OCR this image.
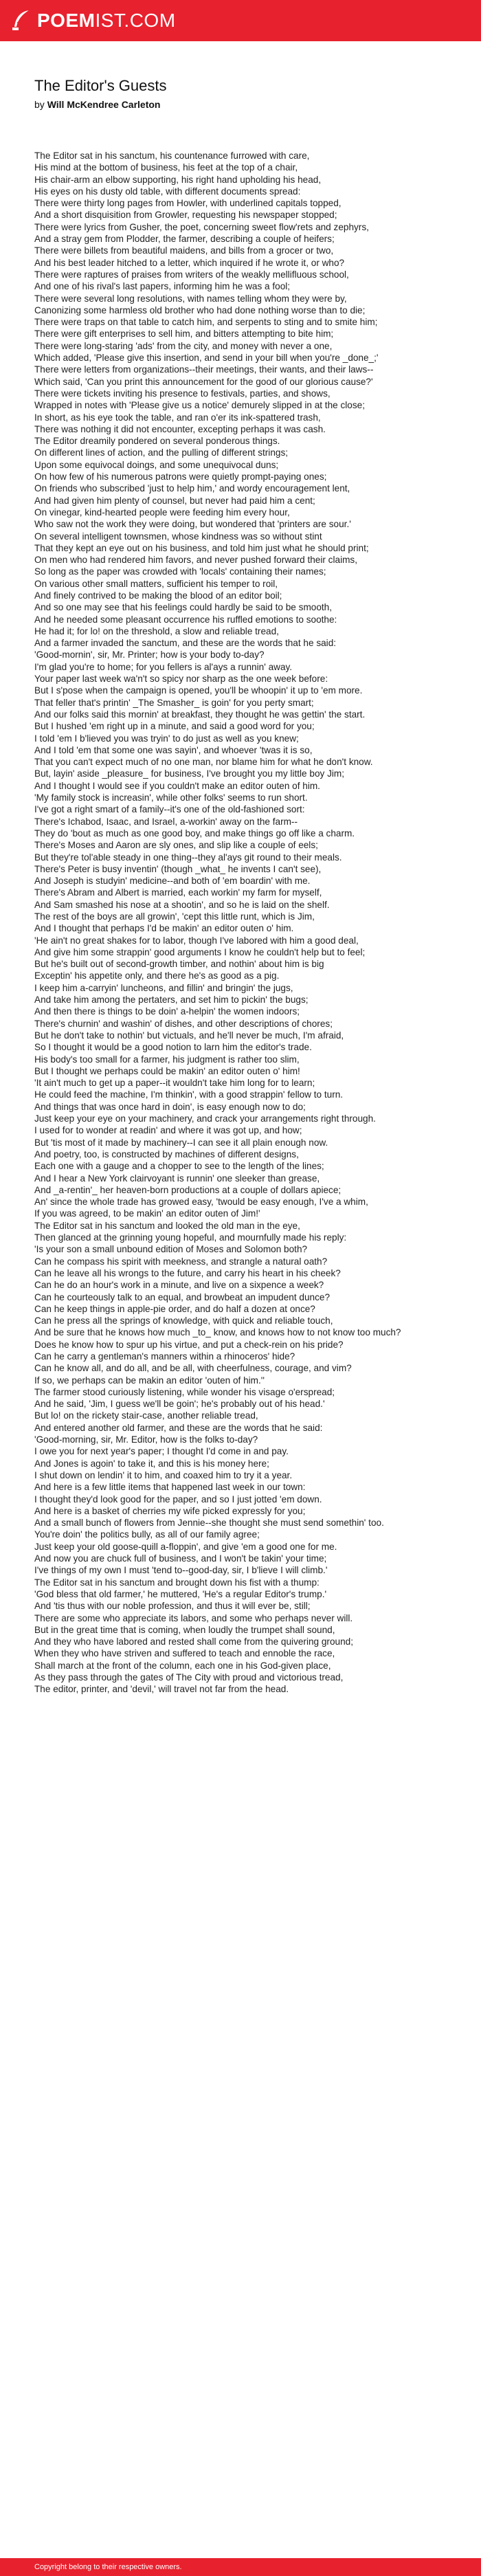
POEM IST.COM
The Editor's Guests
by Will McKendree Carleton
The Editor sat in his sanctum, his countenance furrowed with care,
His mind at the bottom of business, his feet at the top of a chair,
His chair-arm an elbow supporting, his right hand upholding his head,
His eyes on his dusty old table, with different documents spread:
There were thirty long pages from Howler, with underlined capitals topped,
And a short disquisition from Growler, requesting his newspaper stopped;
There were lyrics from Gusher, the poet, concerning sweet flow'rets and zephyrs,
And a stray gem from Plodder, the farmer, describing a couple of heifers;
There were billets from beautiful maidens, and bills from a grocer or two,
And his best leader hitched to a letter, which inquired if he wrote it, or who?
There were raptures of praises from writers of the weakly mellifluous school,
And one of his rival's last papers, informing him he was a fool;
There were several long resolutions, with names telling whom they were by,
Canonizing some harmless old brother who had done nothing worse than to die;
There were traps on that table to catch him, and serpents to sting and to smite him;
There were gift enterprises to sell him, and bitters attempting to bite him;
There were long-staring 'ads' from the city, and money with never a one,
Which added, 'Please give this insertion, and send in your bill when you're _done_;'
There were letters from organizations--their meetings, their wants, and their laws--
Which said, 'Can you print this announcement for the good of our glorious cause?'
There were tickets inviting his presence to festivals, parties, and shows,
Wrapped in notes with 'Please give us a notice' demurely slipped in at the close;
In short, as his eye took the table, and ran o'er its ink-spattered trash,
There was nothing it did not encounter, excepting perhaps it was cash.
The Editor dreamily pondered on several ponderous things.
On different lines of action, and the pulling of different strings;
Upon some equivocal doings, and some unequivocal duns;
On how few of his numerous patrons were quietly prompt-paying ones;
On friends who subscribed 'just to help him,' and wordy encouragement lent,
And had given him plenty of counsel, but never had paid him a cent;
On vinegar, kind-hearted people were feeding him every hour,
Who saw not the work they were doing, but wondered that 'printers are sour.'
On several intelligent townsmen, whose kindness was so without stint
That they kept an eye out on his business, and told him just what he should print;
On men who had rendered him favors, and never pushed forward their claims,
So long as the paper was crowded with 'locals' containing their names;
On various other small matters, sufficient his temper to roil,
And finely contrived to be making the blood of an editor boil;
And so one may see that his feelings could hardly be said to be smooth,
And he needed some pleasant occurrence his ruffled emotions to soothe:
He had it; for lo! on the threshold, a slow and reliable tread,
And a farmer invaded the sanctum, and these are the words that he said:
'Good-mornin', sir, Mr. Printer; how is your body to-day?
I'm glad you're to home; for you fellers is al'ays a runnin' away.
Your paper last week wa'n't so spicy nor sharp as the one week before:
But I s'pose when the campaign is opened, you'll be whoopin' it up to 'em more.
That feller that's printin' _The Smasher_ is goin' for you perty smart;
And our folks said this mornin' at breakfast, they thought he was gettin' the start.
But I hushed 'em right up in a minute, and said a good word for you;
I told 'em I b'lieved you was tryin' to do just as well as you knew;
And I told 'em that some one was sayin', and whoever 'twas it is so,
That you can't expect much of no one man, nor blame him for what he don't know.
But, layin' aside _pleasure_ for business, I've brought you my little boy Jim;
And I thought I would see if you couldn't make an editor outen of him.
'My family stock is increasin', while other folks' seems to run short.
I've got a right smart of a family--it's one of the old-fashioned sort:
There's Ichabod, Isaac, and Israel, a-workin' away on the farm--
They do 'bout as much as one good boy, and make things go off like a charm.
There's Moses and Aaron are sly ones, and slip like a couple of eels;
But they're tol'able steady in one thing--they al'ays git round to their meals.
There's Peter is busy inventin' (though _what_ he invents I can't see),
And Joseph is studyin' medicine--and both of 'em boardin' with me.
There's Abram and Albert is married, each workin' my farm for myself,
And Sam smashed his nose at a shootin', and so he is laid on the shelf.
The rest of the boys are all growin', 'cept this little runt, which is Jim,
And I thought that perhaps I'd be makin' an editor outen o' him.
'He ain't no great shakes for to labor, though I've labored with him a good deal,
And give him some strappin' good arguments I know he couldn't help but to feel;
But he's built out of second-growth timber, and nothin' about him is big
Exceptin' his appetite only, and there he's as good as a pig.
I keep him a-carryin' luncheons, and fillin' and bringin' the jugs,
And take him among the pertaters, and set him to pickin' the bugs;
And then there is things to be doin' a-helpin' the women indoors;
There's churnin' and washin' of dishes, and other descriptions of chores;
But he don't take to nothin' but victuals, and he'll never be much, I'm afraid,
So I thought it would be a good notion to larn him the editor's trade.
His body's too small for a farmer, his judgment is rather too slim,
But I thought we perhaps could be makin' an editor outen o' him!
'It ain't much to get up a paper--it wouldn't take him long for to learn;
He could feed the machine, I'm thinkin', with a good strappin' fellow to turn.
And things that was once hard in doin', is easy enough now to do;
Just keep your eye on your machinery, and crack your arrangements right through.
I used for to wonder at readin' and where it was got up, and how;
But 'tis most of it made by machinery--I can see it all plain enough now.
And poetry, too, is constructed by machines of different designs,
Each one with a gauge and a chopper to see to the length of the lines;
And I hear a New York clairvoyant is runnin' one sleeker than grease,
And _a-rentin'_ her heaven-born productions at a couple of dollars apiece;
An' since the whole trade has growed easy, 'twould be easy enough, I've a whim,
If you was agreed, to be makin' an editor outen of Jim!'
The Editor sat in his sanctum and looked the old man in the eye,
Then glanced at the grinning young hopeful, and mournfully made his reply:
'Is your son a small unbound edition of Moses and Solomon both?
Can he compass his spirit with meekness, and strangle a natural oath?
Can he leave all his wrongs to the future, and carry his heart in his cheek?
Can he do an hour's work in a minute, and live on a sixpence a week?
Can he courteously talk to an equal, and browbeat an impudent dunce?
Can he keep things in apple-pie order, and do half a dozen at once?
Can he press all the springs of knowledge, with quick and reliable touch,
And be sure that he knows how much _to_ know, and knows how to not know too much?
Does he know how to spur up his virtue, and put a check-rein on his pride?
Can he carry a gentleman's manners within a rhinoceros' hide?
Can he know all, and do all, and be all, with cheerfulness, courage, and vim?
If so, we perhaps can be makin an editor 'outen of him.''
The farmer stood curiously listening, while wonder his visage o'erspread;
And he said, 'Jim, I guess we'll be goin'; he's probably out of his head.'
But lo! on the rickety stair-case, another reliable tread,
And entered another old farmer, and these are the words that he said:
'Good-morning, sir, Mr. Editor, how is the folks to-day?
I owe you for next year's paper; I thought I'd come in and pay.
And Jones is agoin' to take it, and this is his money here;
I shut down on lendin' it to him, and coaxed him to try it a year.
And here is a few little items that happened last week in our town:
I thought they'd look good for the paper, and so I just jotted 'em down.
And here is a basket of cherries my wife picked expressly for you;
And a small bunch of flowers from Jennie--she thought she must send somethin' too.
You're doin' the politics bully, as all of our family agree;
Just keep your old goose-quill a-floppin', and give 'em a good one for me.
And now you are chuck full of business, and I won't be takin' your time;
I've things of my own I must 'tend to--good-day, sir, I b'lieve I will climb.'
The Editor sat in his sanctum and brought down his fist with a thump:
'God bless that old farmer,' he muttered, 'He's a regular Editor's trump.'
And 'tis thus with our noble profession, and thus it will ever be, still;
There are some who appreciate its labors, and some who perhaps never will.
But in the great time that is coming, when loudly the trumpet shall sound,
And they who have labored and rested shall come from the quivering ground;
When they who have striven and suffered to teach and ennoble the race,
Shall march at the front of the column, each one in his God-given place,
As they pass through the gates of The City with proud and victorious tread,
The editor, printer, and 'devil,' will travel not far from the head.
Copyright belong to their respective owners.
